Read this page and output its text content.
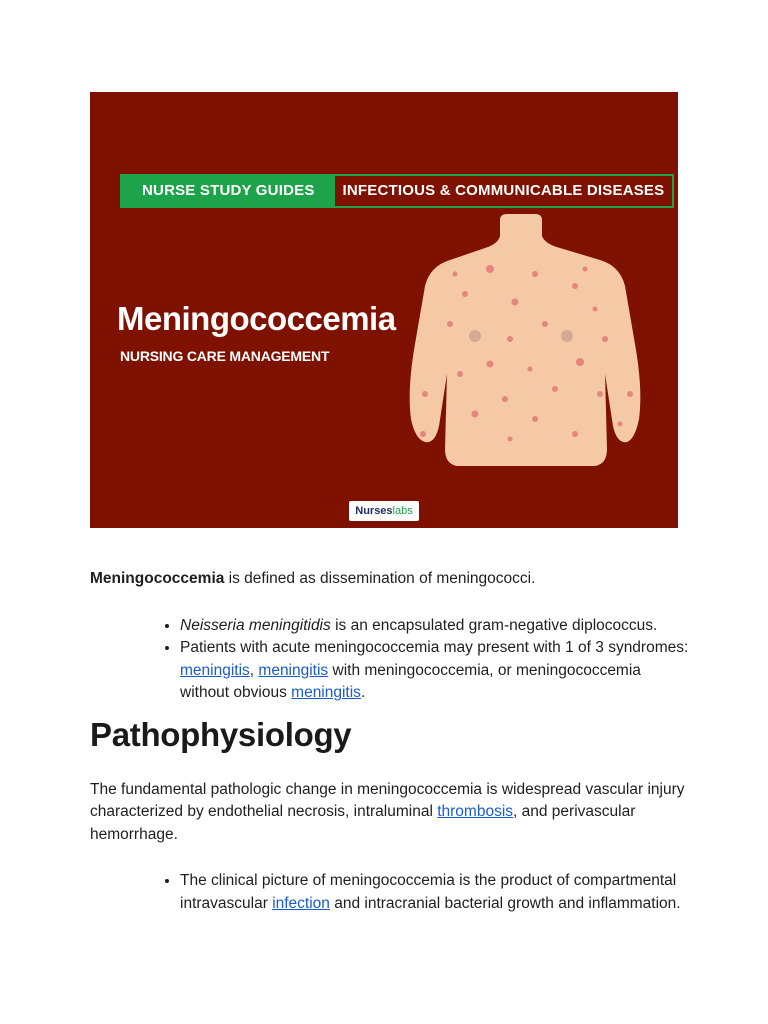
NURSE STUDY GUIDES	INFECTIOUS & COMMUNICABLE DISEASES
Meningococcemia
NURSING CARE MANAGEMENT
Nurseslabs

Meningococcemia is defined as dissemination of meningococci.

• Neisseria meningitidis is an encapsulated gram-negative diplococcus.
• Patients with acute meningococcemia may present with 1 of 3 syndromes: meningitis, meningitis with meningococcemia, or meningococcemia without obvious meningitis.
Pathophysiology

The fundamental pathologic change in meningococcemia is widespread vascular injury characterized by endothelial necrosis, intraluminal thrombosis, and perivascular hemorrhage.

• The clinical picture of meningococcemia is the product of compartmental intravascular infection and intracranial bacterial growth and inflammation.
